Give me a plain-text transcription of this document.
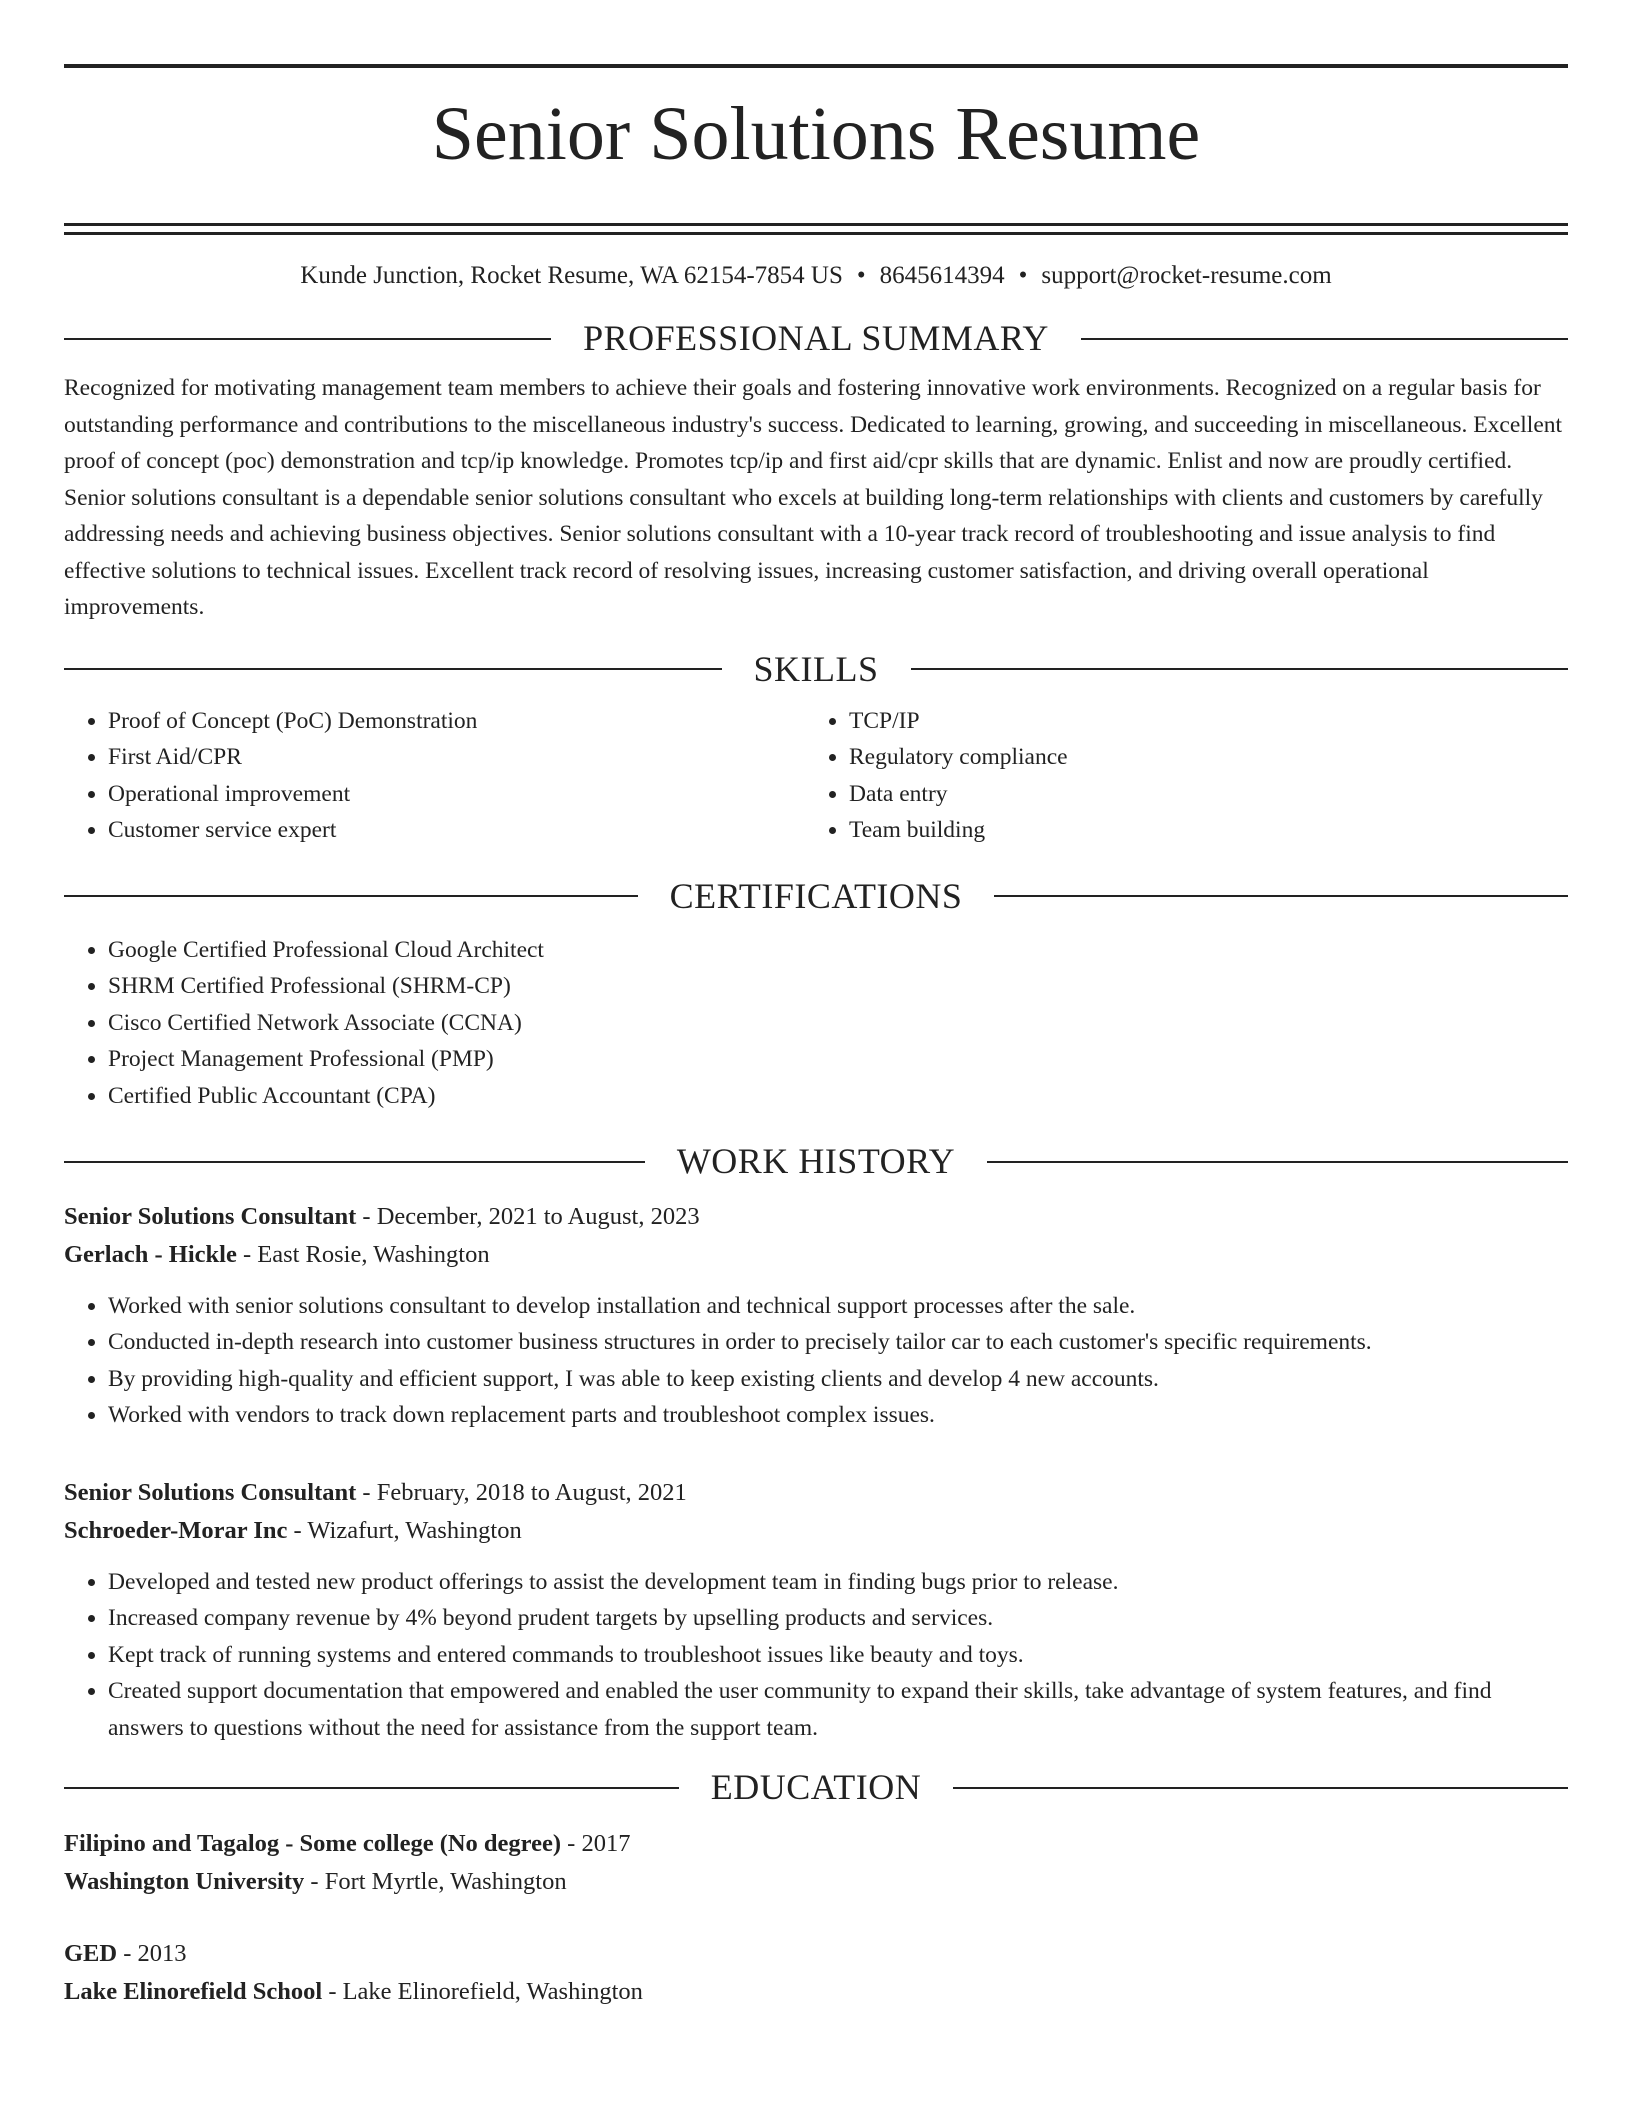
Senior Solutions Resume
Kunde Junction, Rocket Resume, WA 62154-7854 US • 8645614394 • support@rocket-resume.com
PROFESSIONAL SUMMARY

Recognized for motivating management team members to achieve their goals and fostering innovative work environments. Recognized on a regular basis for outstanding performance and contributions to the miscellaneous industry's success. Dedicated to learning, growing, and succeeding in miscellaneous. Excellent proof of concept (poc) demonstration and tcp/ip knowledge. Promotes tcp/ip and first aid/cpr skills that are dynamic. Enlist and now are proudly certified. Senior solutions consultant is a dependable senior solutions consultant who excels at building long-term relationships with clients and customers by carefully addressing needs and achieving business objectives. Senior solutions consultant with a 10-year track record of troubleshooting and issue analysis to find effective solutions to technical issues. Excellent track record of resolving issues, increasing customer satisfaction, and driving overall operational improvements.

SKILLS
• Proof of Concept (PoC) Demonstration
• First Aid/CPR
• Operational improvement
• Customer service expert
• TCP/IP
• Regulatory compliance
• Data entry
• Team building
CERTIFICATIONS
• Google Certified Professional Cloud Architect
• SHRM Certified Professional (SHRM-CP)
• Cisco Certified Network Associate (CCNA)
• Project Management Professional (PMP)
• Certified Public Accountant (CPA)
WORK HISTORY
Senior Solutions Consultant - December, 2021 to August, 2023
Gerlach - Hickle - East Rosie, Washington
• Worked with senior solutions consultant to develop installation and technical support processes after the sale.
• Conducted in-depth research into customer business structures in order to precisely tailor car to each customer's specific requirements.
• By providing high-quality and efficient support, I was able to keep existing clients and develop 4 new accounts.
• Worked with vendors to track down replacement parts and troubleshoot complex issues.
Senior Solutions Consultant - February, 2018 to August, 2021
Schroeder-Morar Inc - Wizafurt, Washington
• Developed and tested new product offerings to assist the development team in finding bugs prior to release.
• Increased company revenue by 4% beyond prudent targets by upselling products and services.
• Kept track of running systems and entered commands to troubleshoot issues like beauty and toys.
• Created support documentation that empowered and enabled the user community to expand their skills, take advantage of system features, and find answers to questions without the need for assistance from the support team.
EDUCATION
Filipino and Tagalog - Some college (No degree) - 2017
Washington University - Fort Myrtle, Washington
GED - 2013
Lake Elinorefield School - Lake Elinorefield, Washington
